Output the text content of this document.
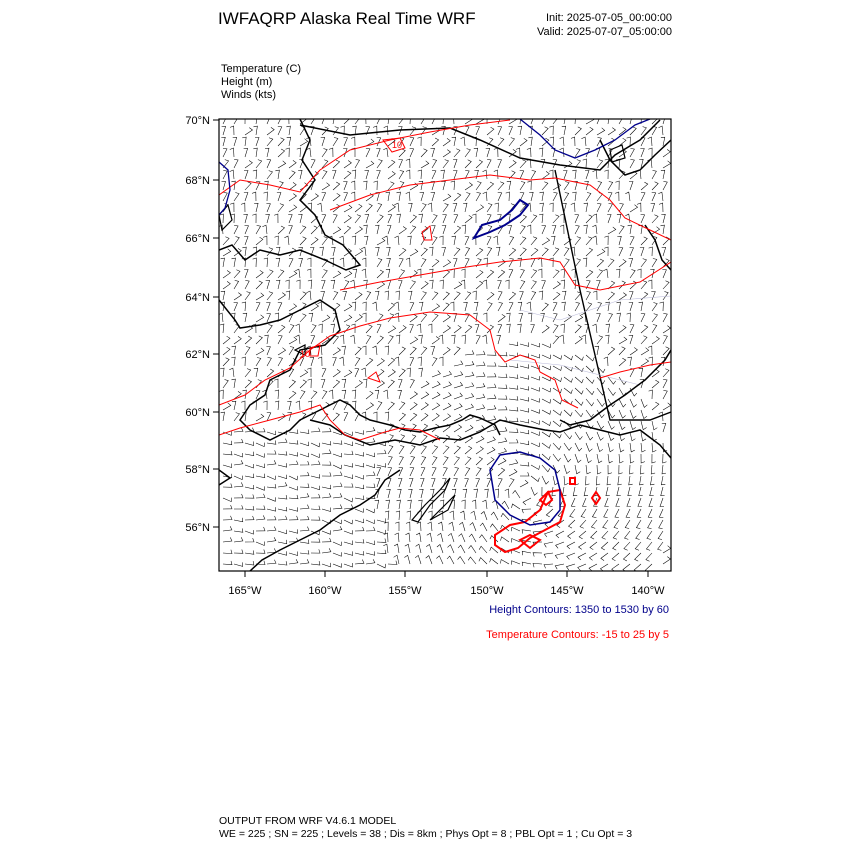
IWFAQRP Alaska Real Time WRF	Init: 2025-07-05_00:00:00
Valid: 2025-07-07_05:00:00
Temperature (C)
Height (m)
Winds (kts)
70°N
68°N
66°N
64°N
62°N
60°N
58°N
56°N
165°W	160°W	155°W	150°W	145°W	140°W
10
10
Height Contours: 1350 to 1530 by 60
Temperature Contours: -15 to 25 by 5
OUTPUT FROM WRF V4.6.1 MODEL
WE = 225 ; SN = 225 ; Levels = 38 ; Dis = 8km ; Phys Opt = 8 ; PBL Opt = 1 ; Cu Opt = 3
